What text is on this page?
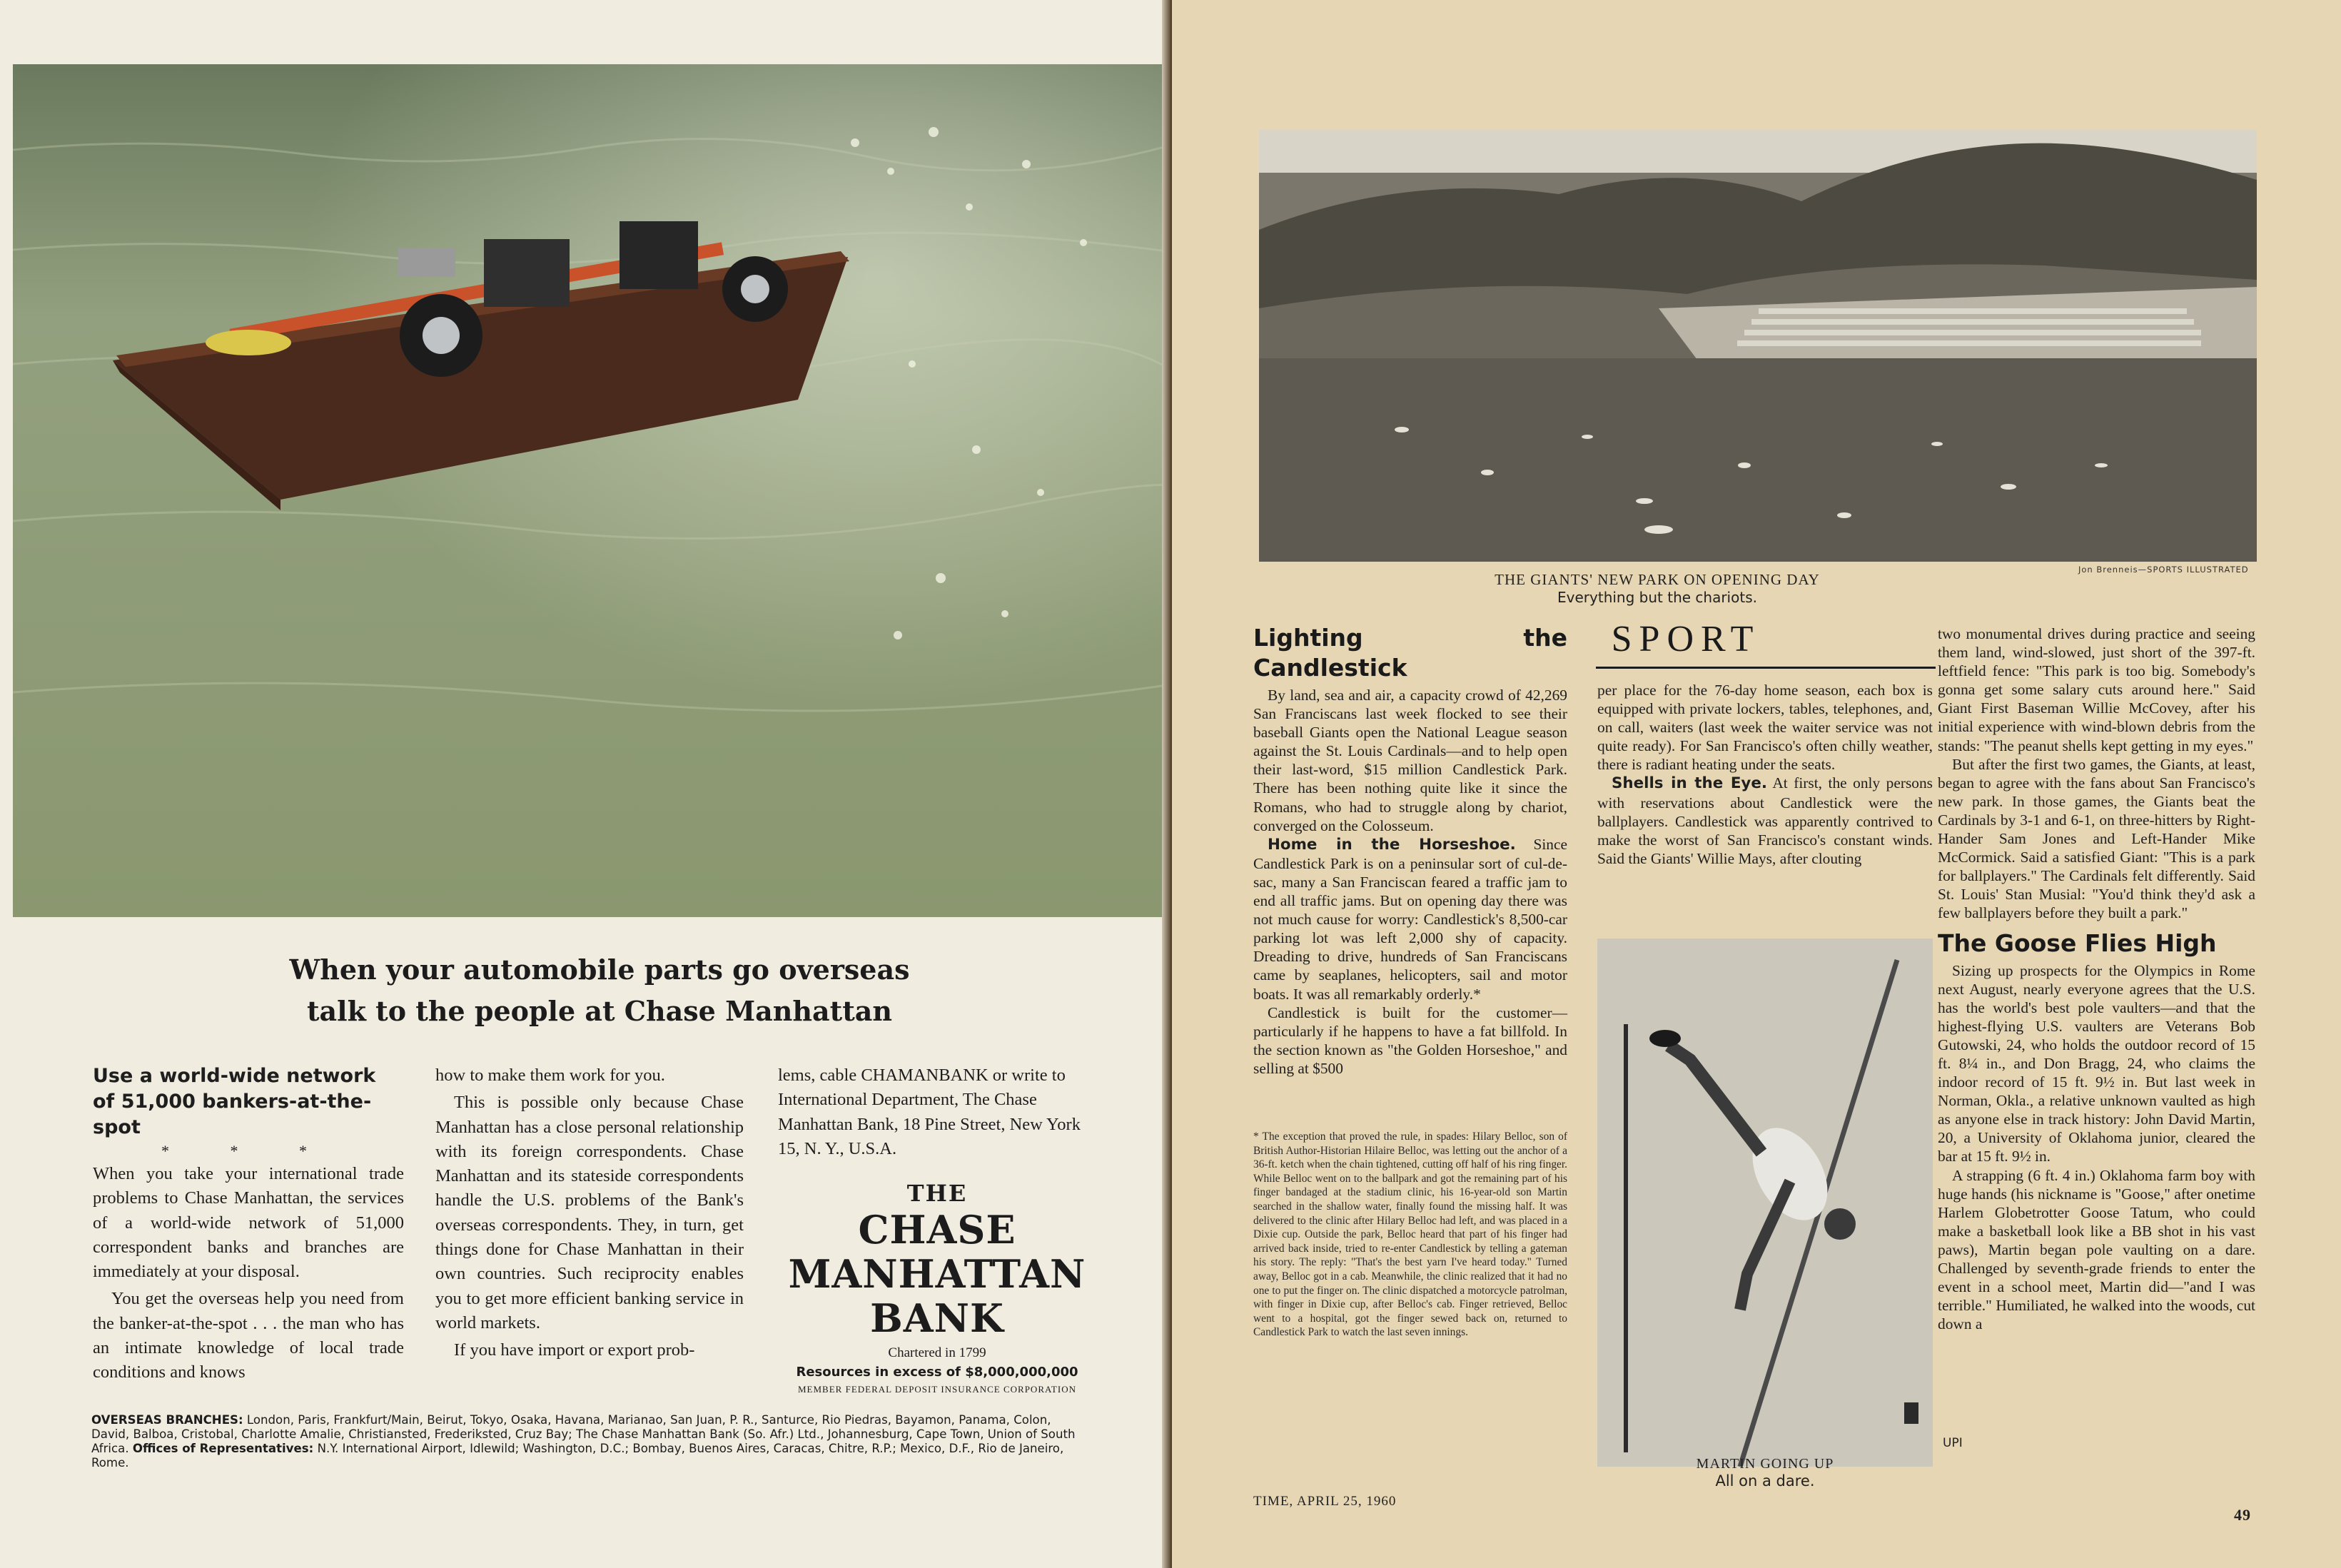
When your automobile parts go overseas
talk to the people at Chase Manhattan

Use a world-wide network of 51,000 bankers-at-the-spot

* * *

When you take your international trade problems to Chase Manhattan, the services of a world-wide network of 51,000 correspondent banks and branches are immediately at your disposal.

You get the overseas help you need from the banker-at-the-spot . . . the man who has an intimate knowledge of local trade conditions and knows

how to make them work for you.

This is possible only because Chase Manhattan has a close personal relationship with its foreign correspondents. Chase Manhattan and its stateside correspondents handle the U.S. problems of the Bank's overseas correspondents. They, in turn, get things done for Chase Manhattan in their own countries. Such reciprocity enables you to get more efficient banking service in world markets.

If you have import or export prob-

lems, cable CHAMANBANK or write to International Department, The Chase Manhattan Bank, 18 Pine Street, New York 15, N. Y., U.S.A.

THE
CHASE
MANHATTAN
BANK
Chartered in 1799
Resources in excess of $8,000,000,000
MEMBER FEDERAL DEPOSIT INSURANCE CORPORATION
OVERSEAS BRANCHES: London, Paris, Frankfurt/Main, Beirut, Tokyo, Osaka, Havana, Marianao, San Juan, P. R., Santurce, Rio Piedras, Bayamon, Panama, Colon, David, Balboa, Cristobal, Charlotte Amalie, Christiansted, Frederiksted, Cruz Bay; The Chase Manhattan Bank (So. Afr.) Ltd., Johannesburg, Cape Town, Union of South Africa. Offices of Representatives: N.Y. International Airport, Idlewild; Washington, D.C.; Bombay, Buenos Aires, Caracas, Chitre, R.P.; Mexico, D.F., Rio de Janeiro, Rome.
Jon Brenneis—SPORTS ILLUSTRATED
THE GIANTS' NEW PARK ON OPENING DAY
Everything but the chariots.
SPORT

Lighting the Candlestick

By land, sea and air, a capacity crowd of 42,269 San Franciscans last week flocked to see their baseball Giants open the National League season against the St. Louis Cardinals—and to help open their last-word, $15 million Candlestick Park. There has been nothing quite like it since the Romans, who had to struggle along by chariot, converged on the Colosseum.

Home in the Horseshoe. Since Candlestick Park is on a peninsular sort of cul-de-sac, many a San Franciscan feared a traffic jam to end all traffic jams. But on opening day there was not much cause for worry: Candlestick's 8,500-car parking lot was left 2,000 shy of capacity. Dreading to drive, hundreds of San Franciscans came by seaplanes, helicopters, sail and motor boats. It was all remarkably orderly.*

Candlestick is built for the customer—particularly if he happens to have a fat billfold. In the section known as "the Golden Horseshoe," and selling at $500

* The exception that proved the rule, in spades: Hilary Belloc, son of British Author-Historian Hilaire Belloc, was letting out the anchor of a 36-ft. ketch when the chain tightened, cutting off half of his ring finger. While Belloc went on to the ballpark and got the remaining part of his finger bandaged at the stadium clinic, his 16-year-old son Martin searched in the shallow water, finally found the missing half. It was delivered to the clinic after Hilary Belloc had left, and was placed in a Dixie cup. Outside the park, Belloc heard that part of his finger had arrived back inside, tried to re-enter Candlestick by telling a gateman his story. The reply: "That's the best yarn I've heard today." Turned away, Belloc got in a cab. Meanwhile, the clinic realized that it had no one to put the finger on. The clinic dispatched a motorcycle patrolman, with finger in Dixie cup, after Belloc's cab. Finger retrieved, Belloc went to a hospital, got the finger sewed back on, returned to Candlestick Park to watch the last seven innings.

per place for the 76-day home season, each box is equipped with private lockers, tables, telephones, and, on call, waiters (last week the waiter service was not quite ready). For San Francisco's often chilly weather, there is radiant heating under the seats.

Shells in the Eye. At first, the only persons with reservations about Candlestick were the ballplayers. Candlestick was apparently contrived to make the worst of San Francisco's constant winds. Said the Giants' Willie Mays, after clouting

UPI
MARTIN GOING UP
All on a dare.

two monumental drives during practice and seeing them land, wind-slowed, just short of the 397-ft. leftfield fence: "This park is too big. Somebody's gonna get some salary cuts around here." Said Giant First Baseman Willie McCovey, after his initial experience with wind-blown debris from the stands: "The peanut shells kept getting in my eyes."

But after the first two games, the Giants, at least, began to agree with the fans about San Francisco's new park. In those games, the Giants beat the Cardinals by 3-1 and 6-1, on three-hitters by Right-Hander Sam Jones and Left-Hander Mike McCormick. Said a satisfied Giant: "This is a park for ballplayers." The Cardinals felt differently. Said St. Louis' Stan Musial: "You'd think they'd ask a few ballplayers before they built a park."

The Goose Flies High

Sizing up prospects for the Olympics in Rome next August, nearly everyone agrees that the U.S. has the world's best pole vaulters—and that the highest-flying U.S. vaulters are Veterans Bob Gutowski, 24, who holds the outdoor record of 15 ft. 8¼ in., and Don Bragg, 24, who claims the indoor record of 15 ft. 9½ in. But last week in Norman, Okla., a relative unknown vaulted as high as anyone else in track history: John David Martin, 20, a University of Oklahoma junior, cleared the bar at 15 ft. 9½ in.

A strapping (6 ft. 4 in.) Oklahoma farm boy with huge hands (his nickname is "Goose," after onetime Harlem Globetrotter Goose Tatum, who could make a basketball look like a BB shot in his vast paws), Martin began pole vaulting on a dare. Challenged by seventh-grade friends to enter the event in a school meet, Martin did—"and I was terrible." Humiliated, he walked into the woods, cut down a

TIME, APRIL 25, 1960
49
